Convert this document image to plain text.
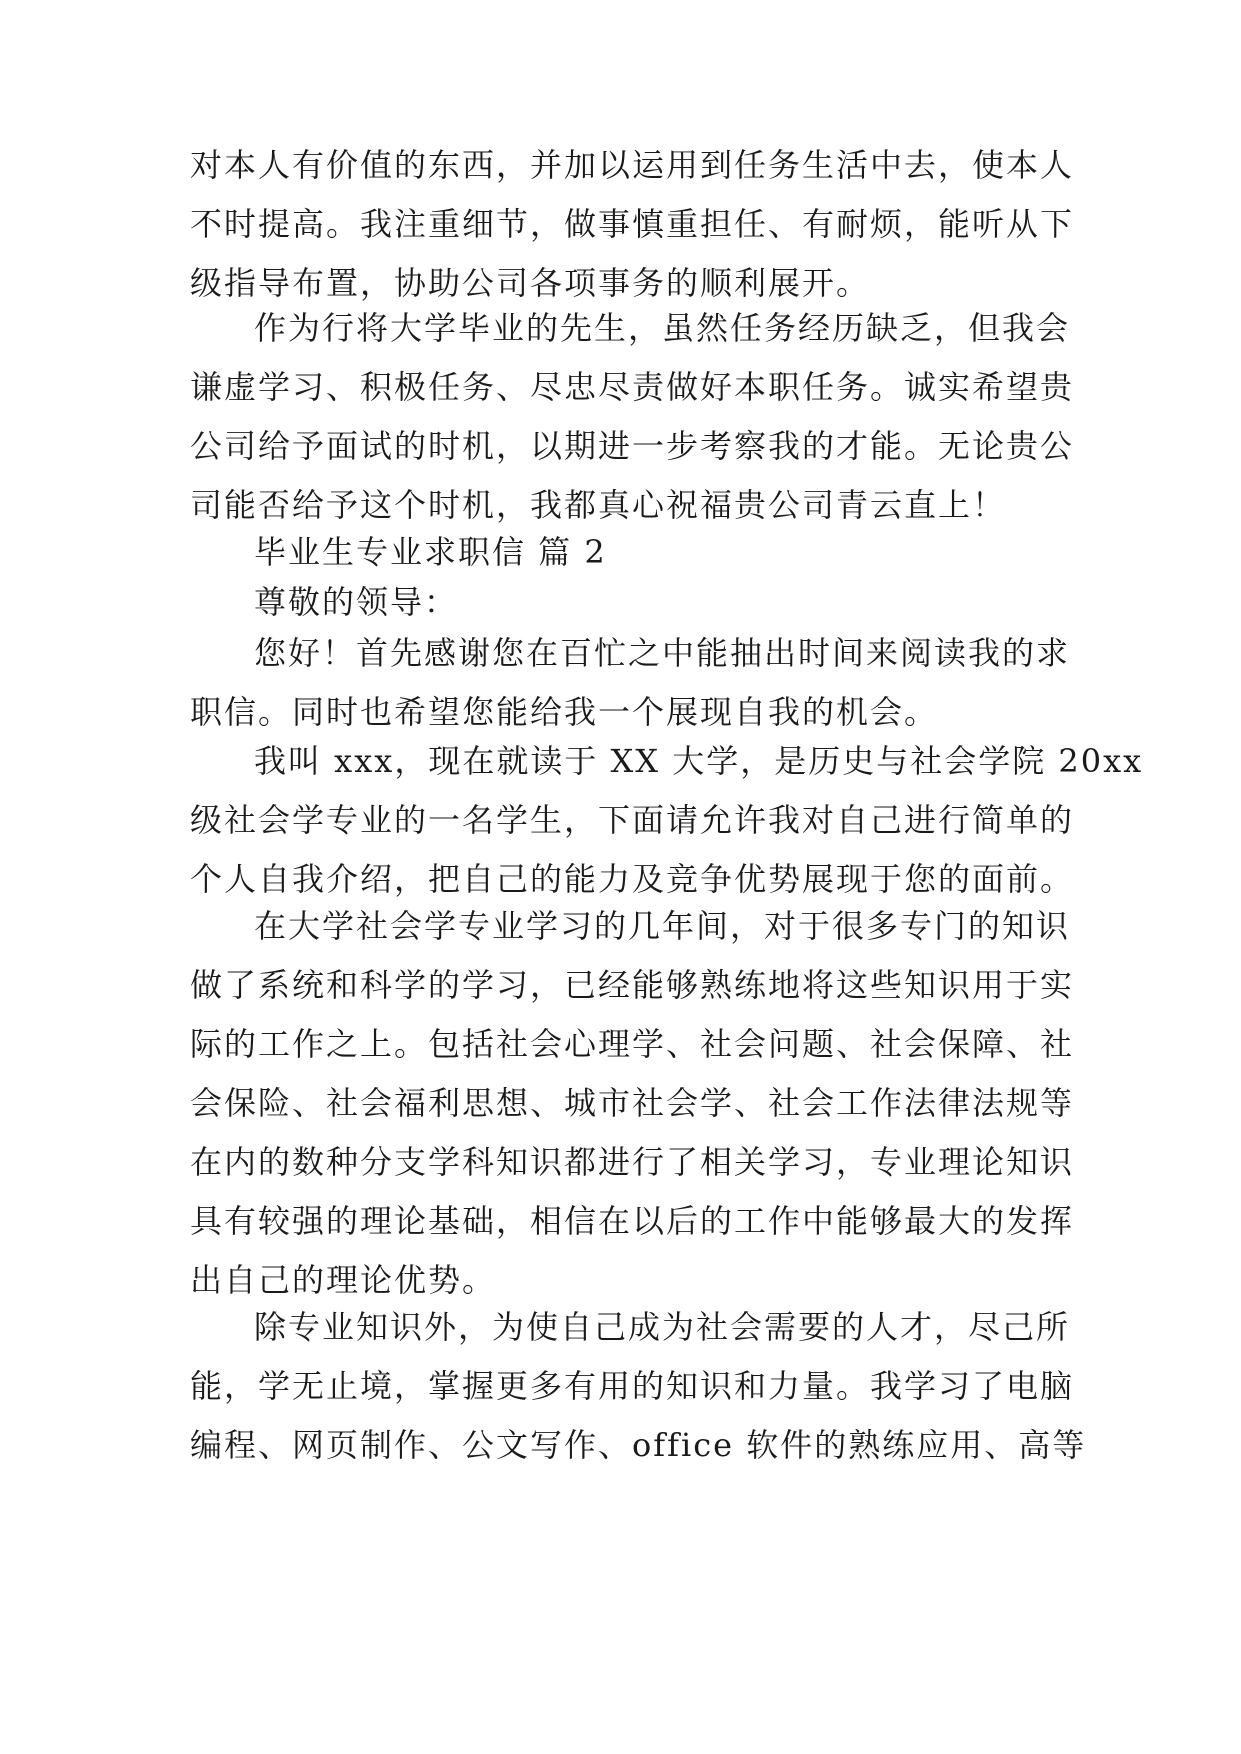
对本人有价值的东西，并加以运用到任务生活中去，使本人
不时提高。我注重细节，做事慎重担任、有耐烦，能听从下
级指导布置，协助公司各项事务的顺利展开。
作为行将大学毕业的先生，虽然任务经历缺乏，但我会
谦虚学习、积极任务、尽忠尽责做好本职任务。诚实希望贵
公司给予面试的时机，以期进一步考察我的才能。无论贵公
司能否给予这个时机，我都真心祝福贵公司青云直上！
毕业生专业求职信 篇 2
尊敬的领导：
您好！首先感谢您在百忙之中能抽出时间来阅读我的求
职信。同时也希望您能给我一个展现自我的机会。
我叫 xxx，现在就读于 XX 大学，是历史与社会学院 20xx
级社会学专业的一名学生，下面请允许我对自己进行简单的
个人自我介绍，把自己的能力及竞争优势展现于您的面前。
在大学社会学专业学习的几年间，对于很多专门的知识
做了系统和科学的学习，已经能够熟练地将这些知识用于实
际的工作之上。包括社会心理学、社会问题、社会保障、社
会保险、社会福利思想、城市社会学、社会工作法律法规等
在内的数种分支学科知识都进行了相关学习，专业理论知识
具有较强的理论基础，相信在以后的工作中能够最大的发挥
出自己的理论优势。
除专业知识外，为使自己成为社会需要的人才，尽己所
能，学无止境，掌握更多有用的知识和力量。我学习了电脑
编程、网页制作、公文写作、office 软件的熟练应用、高等
